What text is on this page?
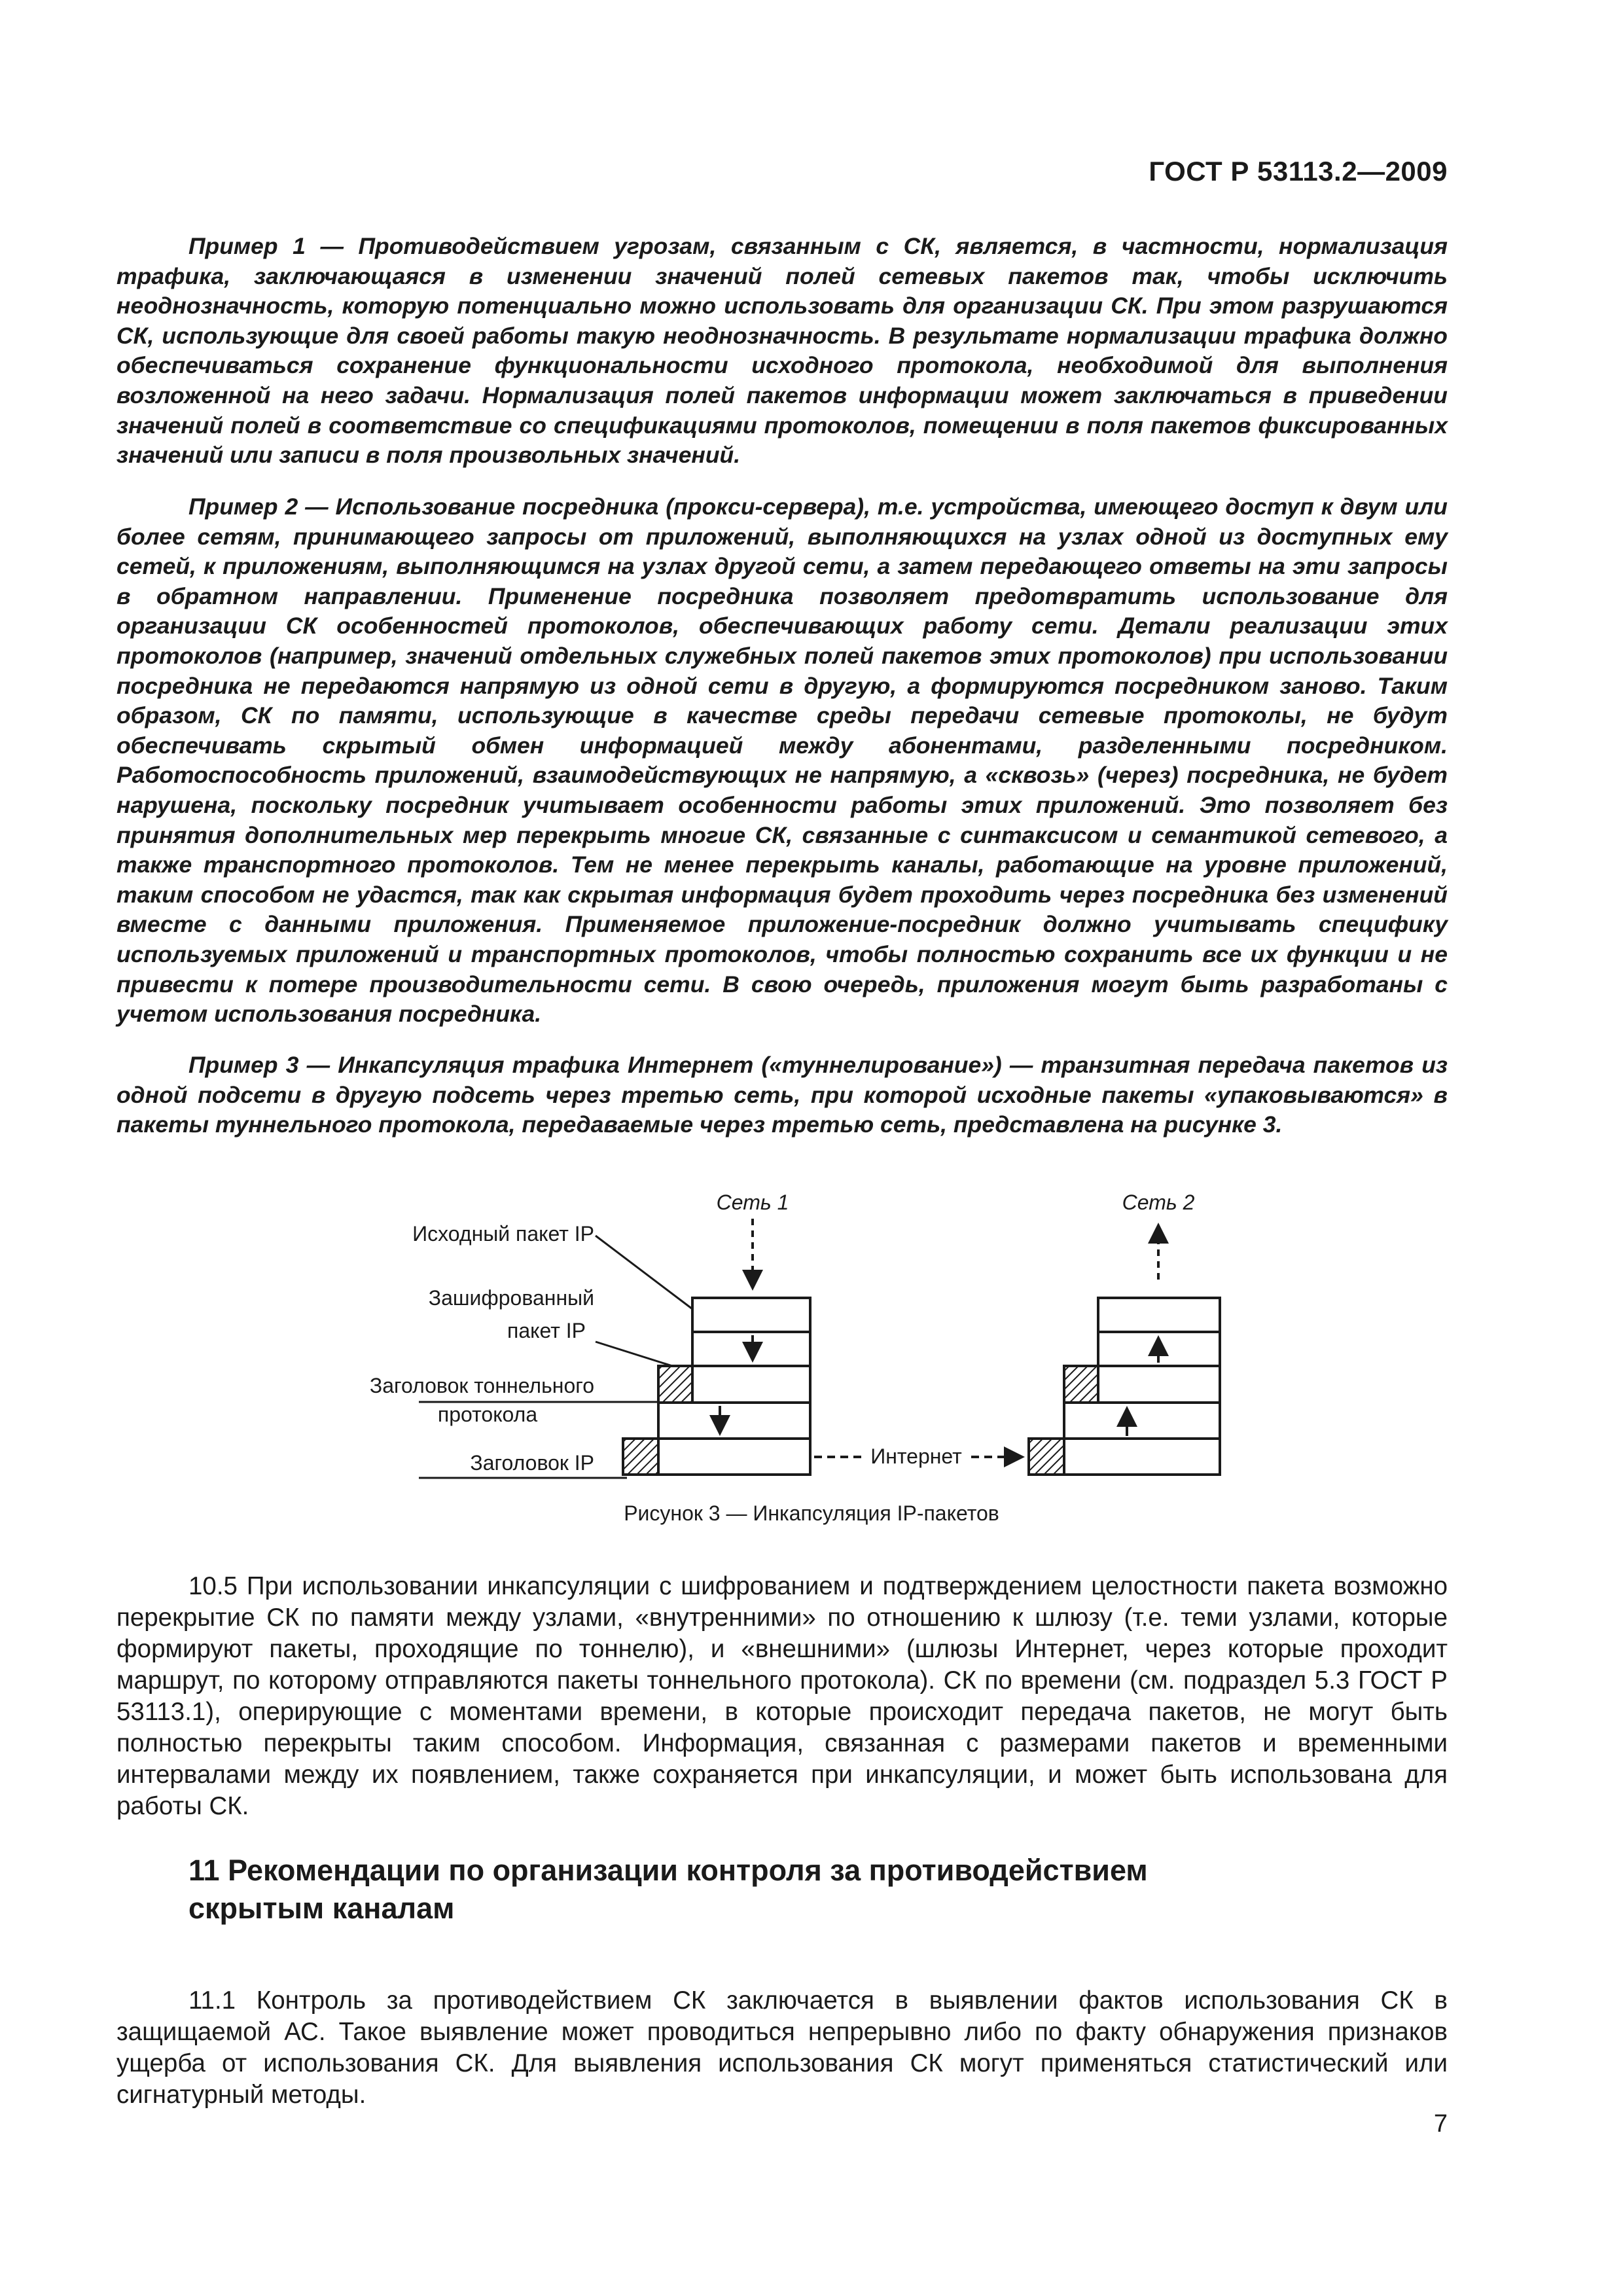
ГОСТ Р 53113.2—2009

Пример 1 — Противодействием угрозам, связанным с СК, является, в частности, нормализация трафика, заключающаяся в изменении значений полей сетевых пакетов так, чтобы исключить неоднозначность, которую потенциально можно использовать для организации СК. При этом разрушаются СК, использующие для своей работы такую неоднозначность. В результате нормализации трафика должно обеспечиваться сохранение функциональности исходного протокола, необходимой для выполнения возложенной на него задачи. Нормализация полей пакетов информации может заключаться в приведении значений полей в соответствие со спецификациями протоколов, помещении в поля пакетов фиксированных значений или записи в поля произвольных значений.

Пример 2 — Использование посредника (прокси-сервера), т.е. устройства, имеющего доступ к двум или более сетям, принимающего запросы от приложений, выполняющихся на узлах одной из доступных ему сетей, к приложениям, выполняющимся на узлах другой сети, а затем передающего ответы на эти запросы в обратном направлении. Применение посредника позволяет предотвратить использование для организации СК особенностей протоколов, обеспечивающих работу сети. Детали реализации этих протоколов (например, значений отдельных служебных полей пакетов этих протоколов) при использовании посредника не передаются напрямую из одной сети в другую, а формируются посредником заново. Таким образом, СК по памяти, использующие в качестве среды передачи сетевые протоколы, не будут обеспечивать скрытый обмен информацией между абонентами, разделенными посредником. Работоспособность приложений, взаимодействующих не напрямую, а «сквозь» (через) посредника, не будет нарушена, поскольку посредник учитывает особенности работы этих приложений. Это позволяет без принятия дополнительных мер перекрыть многие СК, связанные с синтаксисом и семантикой сетевого, а также транспортного протоколов. Тем не менее перекрыть каналы, работающие на уровне приложений, таким способом не удастся, так как скрытая информация будет проходить через посредника без изменений вместе с данными приложения. Применяемое приложение-посредник должно учитывать специфику используемых приложений и транспортных протоколов, чтобы полностью сохранить все их функции и не привести к потере производительности сети. В свою очередь, приложения могут быть разработаны с учетом использования посредника.

Пример 3 — Инкапсуляция трафика Интернет («туннелирование») — транзитная передача пакетов из одной подсети в другую подсеть через третью сеть, при которой исходные пакеты «упаковываются» в пакеты туннельного протокола, передаваемые через третью сеть, представлена на рисунке 3.

Сеть 1	Сеть 2
Исходный пакет IP
Зашифрованный
пакет IP
Заголовок тоннельного
протокола
Заголовок IP	Интернет
Рисунок 3 — Инкапсуляция IP-пакетов

10.5 При использовании инкапсуляции с шифрованием и подтверждением целостности пакета возможно перекрытие СК по памяти между узлами, «внутренними» по отношению к шлюзу (т.е. теми узлами, которые формируют пакеты, проходящие по тоннелю), и «внешними» (шлюзы Интернет, через которые проходит маршрут, по которому отправляются пакеты тоннельного протокола). СК по времени (см. подраздел 5.3 ГОСТ Р 53113.1), оперирующие с моментами времени, в которые происходит передача пакетов, не могут быть полностью перекрыты таким способом. Информация, связанная с размерами пакетов и временными интервалами между их появлением, также сохраняется при инкапсуляции, и может быть использована для работы СК.

11 Рекомендации по организации контроля за противодействием
скрытым каналам

11.1 Контроль за противодействием СК заключается в выявлении фактов использования СК в защищаемой АС. Такое выявление может проводиться непрерывно либо по факту обнаружения признаков ущерба от использования СК. Для выявления использования СК могут применяться статистический или сигнатурный методы.

7
